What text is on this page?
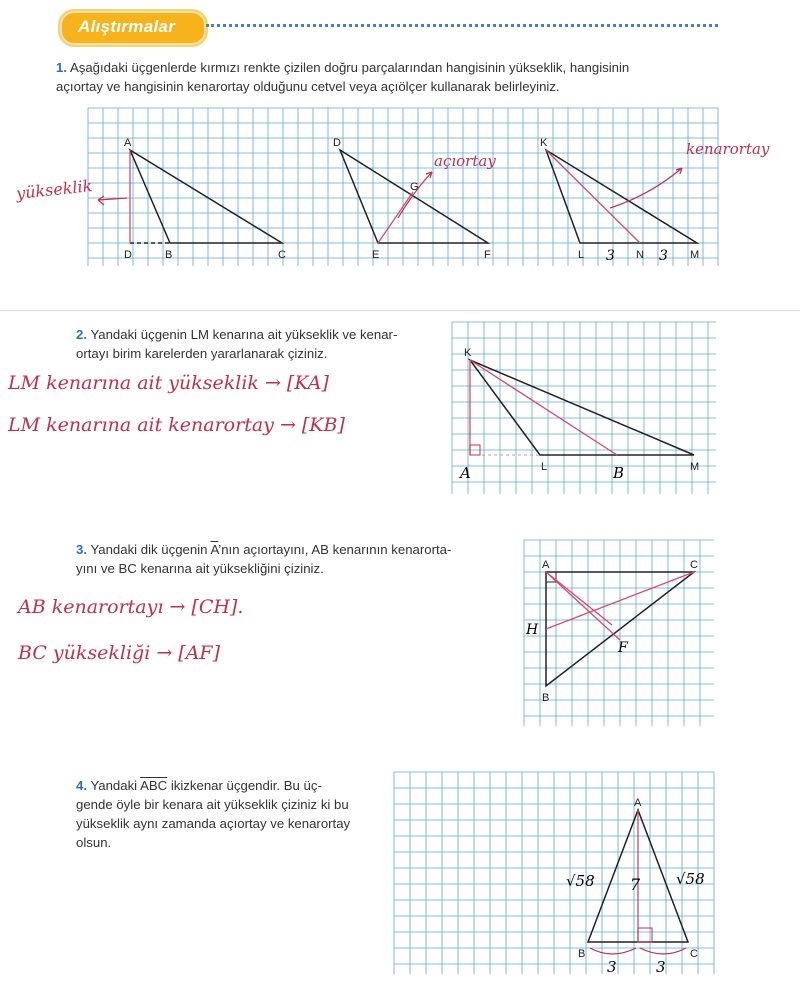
Alıştırmalar
1. Aşağıdaki üçgenlerde kırmızı renkte çizilen doğru parçalarından hangisinin yükseklik, hangisinin
açıortay ve hangisinin kenarortay olduğunu cetvel veya açıölçer kullanarak belirleyiniz.
A
D	B	C
D
G
E	F
K
L	N	M
3	3
yükseklik
açıortay
kenarortay
2. Yandaki üçgenin LM kenarına ait yükseklik ve kenar-
ortayı birim karelerden yararlanarak çiziniz.
LM kenarına ait yükseklik → [KA]
LM kenarına ait kenarortay → [KB]
K
L	M
A	B
3. Yandaki dik üçgenin $\overline{A}’nın$ açıortayını, AB kenarının kenarorta-
yını ve BC kenarına ait yüksekliğini çiziniz.
AB kenarortayı → [CH].
BC yüksekliği → [AF]
A	C
B
H
F
4. Yandaki $\overline{ABC}$ ikizkenar üçgendir. Bu üç-
gende öyle bir kenara ait yükseklik çiziniz ki bu
yükseklik aynı zamanda açıortay ve kenarortay
olsun.
A
B	C
√58	√58
7
3	3
